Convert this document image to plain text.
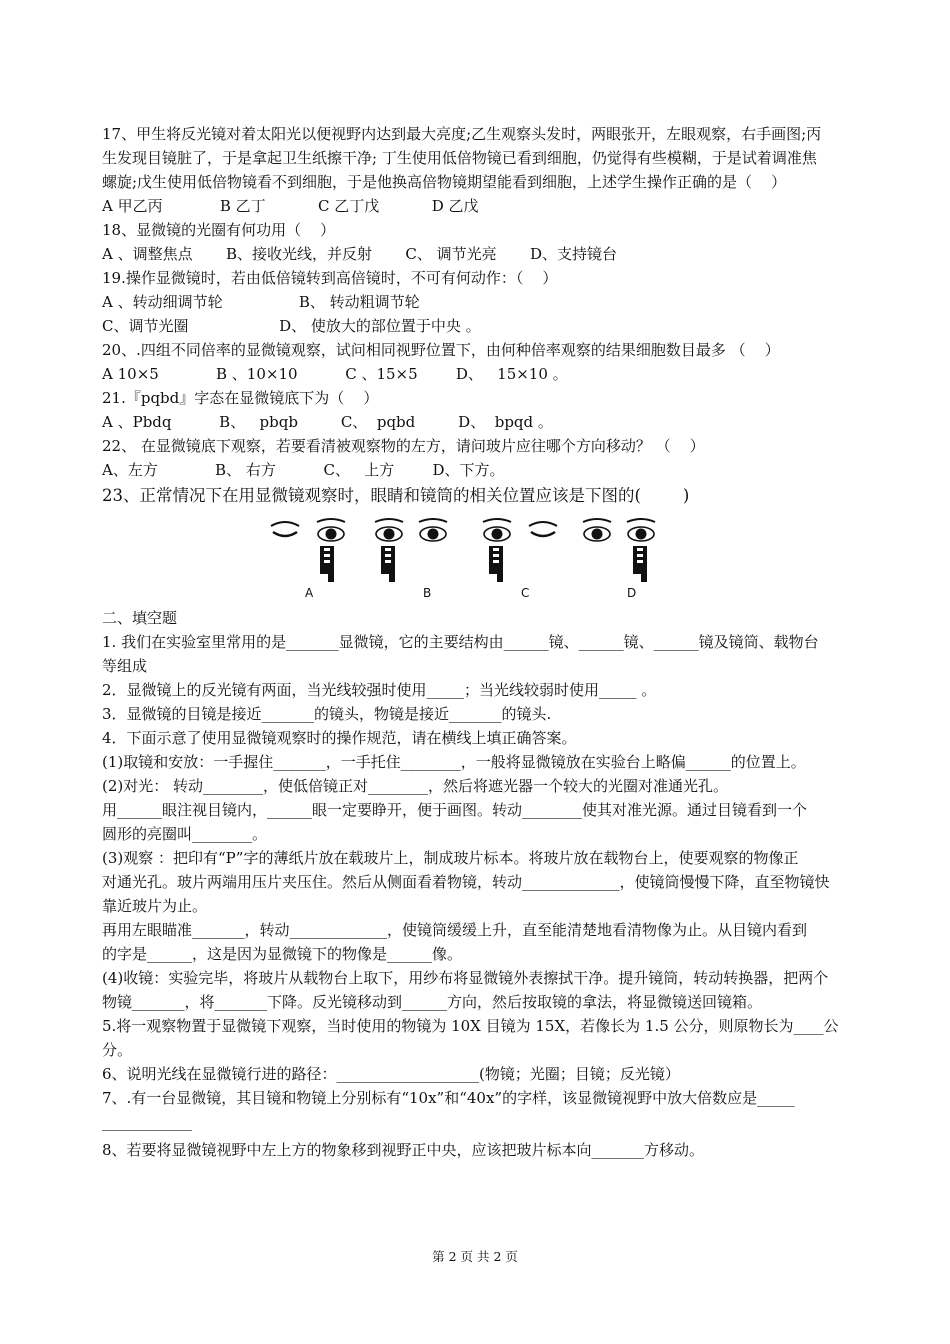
17、甲生将反光镜对着太阳光以便视野内达到最大亮度;乙生观察头发时，两眼张开，左眼观察，右手画图;丙
生发现目镜脏了，于是拿起卫生纸擦干净; 丁生使用低倍物镜已看到细胞，仍觉得有些模糊，于是试着调准焦
螺旋;戊生使用低倍物镜看不到细胞，于是他换高倍物镜期望能看到细胞，上述学生操作正确的是（    ）
A 甲乙丙            B 乙丁           C 乙丁戊           D 乙戊
18、显微镜的光圈有何功用（    ）
A 、调整焦点       B、接收光线，并反射       C、 调节光亮       D、支持镜台
19.操作显微镜时，若由低倍镜转到高倍镜时，不可有何动作：（    ）
A 、转动细调节轮                B、 转动粗调节轮
C、调节光圈                   D、 使放大的部位置于中央 。
20、.四组不同倍率的显微镜观察，试问相同视野位置下，由何种倍率观察的结果细胞数目最多 （    ）
A 10×5            B 、10×10          C 、15×5        D、   15×10 。
21.『pqbd』字态在显微镜底下为（    ）
A 、Pbdq          B、   pbqb         C、  pqbd         D、  bpqd 。
22、 在显微镜底下观察，若要看清被观察物的左方，请问玻片应往哪个方向移动？ （    ）
A、左方            B、 右方          C、   上方        D、下方。
23、正常情况下在用显微镜观察时，眼睛和镜筒的相关位置应该是下图的(        )
A	B	C	D
二、填空题
1. 我们在实验室里常用的是_______显微镜，它的主要结构由______镜、______镜、______镜及镜筒、载物台
等组成
2．显微镜上的反光镜有两面，当光线较强时使用_____；当光线较弱时使用_____ 。
3．显微镜的目镜是接近_______的镜头，物镜是接近_______的镜头.
4．下面示意了使用显微镜观察时的操作规范，请在横线上填正确答案。
(1)取镜和安放：一手握住_______，一手托住________，一般将显微镜放在实验台上略偏______的位置上。
(2)对光： 转动________，使低倍镜正对________，然后将遮光器一个较大的光圈对准通光孔。
用______眼注视目镜内，______眼一定要睁开，便于画图。转动________使其对准光源。通过目镜看到一个
圆形的亮圈叫________。
(3)观察 ：把印有“P”字的薄纸片放在载玻片上，制成玻片标本。将玻片放在载物台上，使要观察的物像正
对通光孔。玻片两端用压片夹压住。然后从侧面看着物镜，转动_____________，使镜筒慢慢下降，直至物镜快
靠近玻片为止。
再用左眼瞄准_______，转动_____________，使镜筒缓缓上升，直至能清楚地看清物像为止。从目镜内看到
的字是______，这是因为显微镜下的物像是______像。
(4)收镜：实验完毕，将玻片从载物台上取下，用纱布将显微镜外表擦拭干净。提升镜筒，转动转换器，把两个
物镜_______，将_______下降。反光镜移动到______方向，然后按取镜的拿法，将显微镜送回镜箱。
5.将一观察物置于显微镜下观察，当时使用的物镜为 10X 目镜为 15X，若像长为 1.5 公分，则原物长为____公
分。
6、说明光线在显微镜行进的路径：___________________(物镜；光圈；目镜；反光镜）
7、.有一台显微镜，其目镜和物镜上分别标有“10x”和“40x”的字样，该显微镜视野中放大倍数应是_____
____________
8、若要将显微镜视野中左上方的物象移到视野正中央，应该把玻片标本向_______方移动。
第 2 页 共 2 页
